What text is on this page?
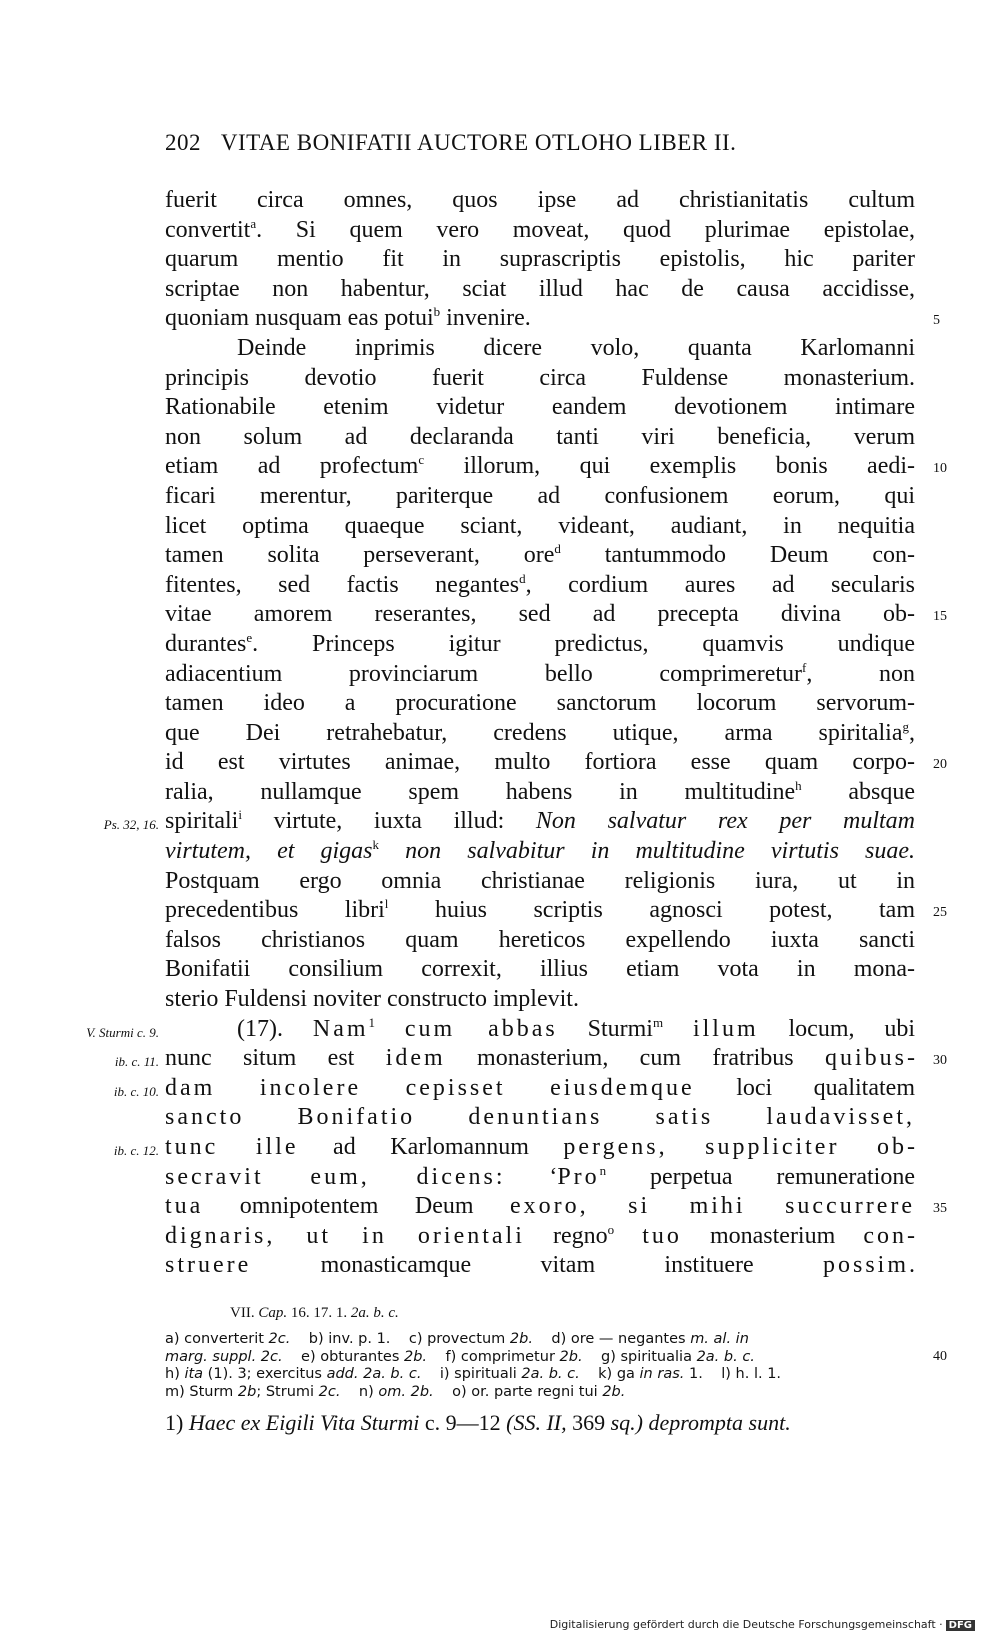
202 VITAE BONIFATII AUCTORE OTLOHO LIBER II.
fuerit circa omnes, quos ipse ad christianitatis cultum
convertit$^a$. Si quem vero moveat, quod plurimae epistolae,
quarum mentio fit in suprascriptis epistolis, hic pariter
scriptae non habentur, sciat illud hac de causa accidisse,
quoniam nusquam eas potui$^b$ invenire.	5
Deinde inprimis dicere volo, quanta Karlomanni
principis devotio fuerit circa Fuldense monasterium.
Rationabile etenim videtur eandem devotionem intimare
non solum ad declaranda tanti viri beneficia, verum
etiam ad profectum$^c$ illorum, qui exemplis bonis aedi- 10
ficari merentur, pariterque ad confusionem eorum, qui
licet optima quaeque sciant, videant, audiant, in nequitia
tamen solita perseverant, ore$^d$ tantummodo Deum con-
fitentes, sed factis negantes$^d$, cordium aures ad secularis
vitae amorem reserantes, sed ad precepta divina ob- 15
durantes$^e$. Princeps igitur predictus, quamvis undique
adiacentium provinciarum bello comprimeretur$^f$, non
tamen ideo a procuratione sanctorum locorum servorum-
que Dei retrahebatur, credens utique, arma spiritalia$^g$,
id est virtutes animae, multo fortiora esse quam corpo- 20
ralia, nullamque spem habens in multitudine$^h$ absque
spiritali$^i$ virtute, iuxta illud: Non salvatur rex per multam
Ps. 32, 16.
virtutem, et gigas$^k$ non salvabitur in multitudine virtutis suae.
Postquam ergo omnia christianae religionis iura, ut in
precedentibus libri$^l$ huius scriptis agnosci potest, tam 25
falsos christianos quam hereticos expellendo iuxta sancti
Bonifatii consilium correxit, illius etiam vota in mona-
sterio Fuldensi noviter constructo implevit.
(17). Nam$^1$ cum abbas Sturmi$^m$ illum locum, ubi
V. Sturmi c. 9.
nunc situm est idem monasterium, cum fratribus quibus- 30
ib. c. 11.
dam incolere cepisset eiusdemque loci qualitatem
ib. c. 10.
sancto Bonifatio denuntians satis laudavisset,
tunc ille ad Karlomannum pergens, suppliciter ob-
ib. c. 12.
secravit eum, dicens: ‘Pro$^n$ perpetua remuneratione
tua omnipotentem Deum exoro, si mihi succurrere 35
dignaris, ut in orientali regno$^o$ tuo monasterium con-
struere monasticamque vitam instituere possim.
VII. Cap. 16. 17. 1. 2a. b. c.
a) converterit 2c.    b) inv. p. 1.    c) provectum 2b.    d) ore — negantes m. al. in
marg. suppl. 2c.    e) obturantes 2b.    f) comprimetur 2b.    g) spiritualia 2a. b. c.
h) ita (1). 3; exercitus add. 2a. b. c.    i) spirituali 2a. b. c.    k) ga in ras. 1.    l) h. l. 1.
m) Sturm 2b; Strumi 2c.    n) om. 2b.    o) or. parte regni tui 2b.
40
1) Haec ex Eigili Vita Sturmi c. 9—12 (SS. II, 369 sq.) deprompta sunt.
Digitalisierung gefördert durch die Deutsche Forschungsgemeinschaft · DFG
